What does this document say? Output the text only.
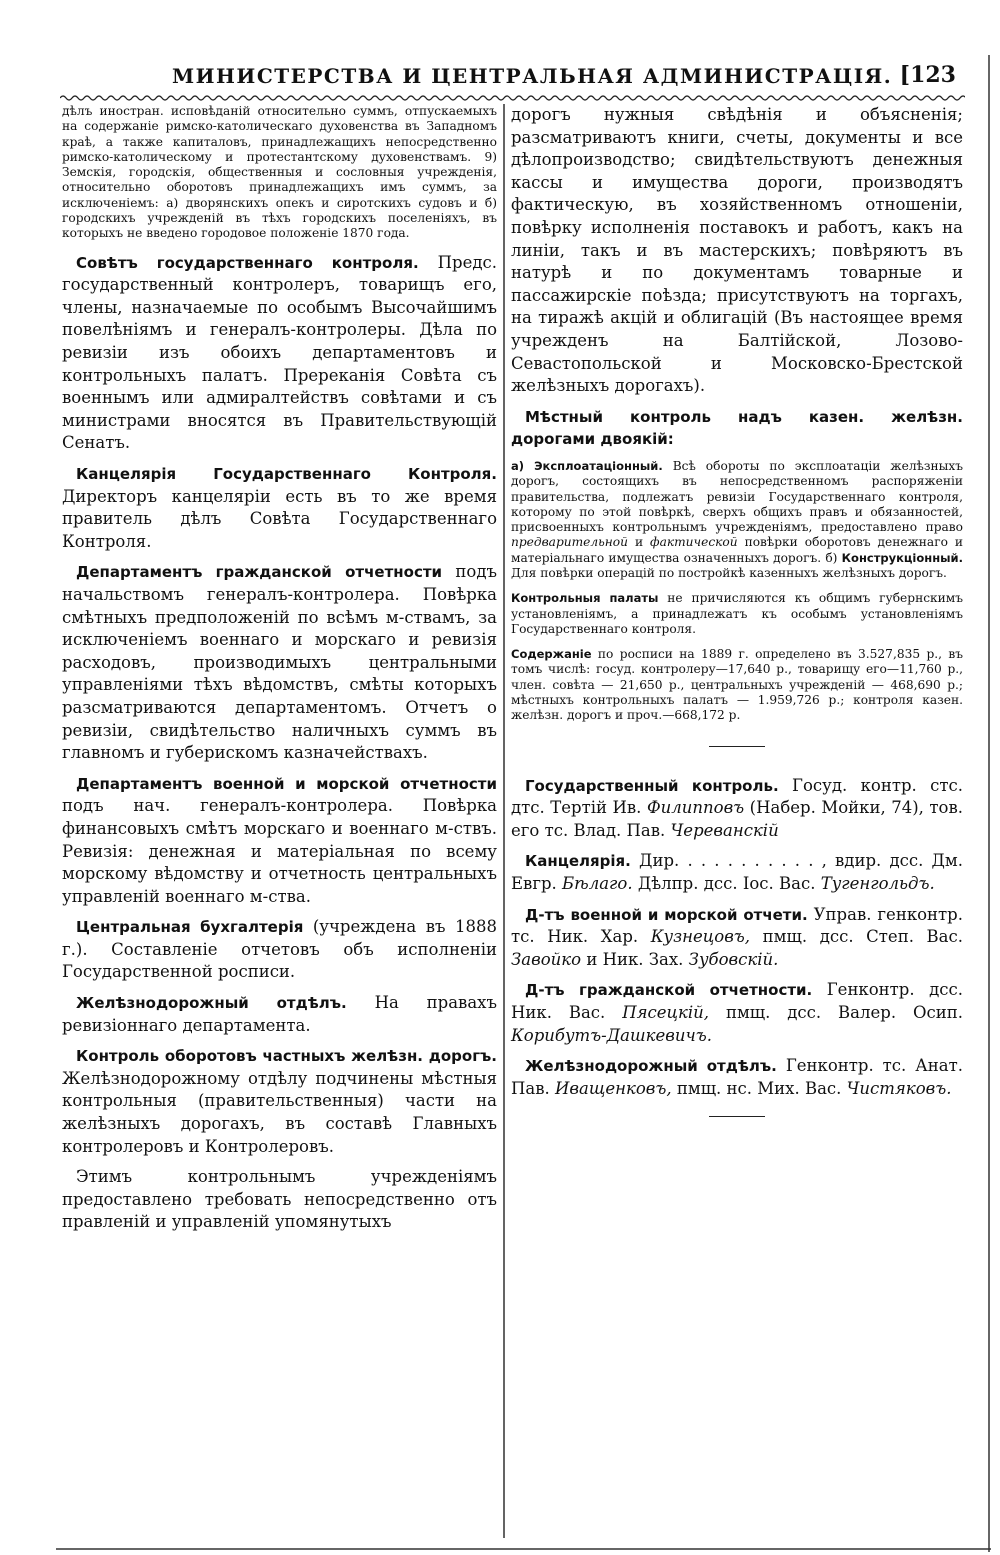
МИНИСТЕРСТВА И ЦЕНТРАЛЬНАЯ АДМИНИСТРАЦІЯ. [123

дѣлъ иностран. исповѣданій относительно суммъ, отпускаемыхъ на содержаніе римско-католическаго духовенства въ Западномъ краѣ, а также капиталовъ, принадлежащихъ непосредственно римско-католическому и протестантскому духовенствамъ. 9) Земскія, городскія, общественныя и сословныя учрежденія, относительно оборотовъ принадлежащихъ имъ суммъ, за исключеніемъ: а) дворянскихъ опекъ и сиротскихъ судовъ и б) городскихъ учрежденій въ тѣхъ городскихъ поселеніяхъ, въ которыхъ не введено городовое положеніе 1870 года.

Совѣтъ государственнаго контроля. Предс. государственный контролеръ, товарищъ его, члены, назначаемые по особымъ Высочайшимъ повелѣніямъ и генералъ-контролеры. Дѣла по ревизіи изъ обоихъ департаментовъ и контрольныхъ палатъ. Пререканія Совѣта съ военнымъ или адмиралтействъ совѣтами и съ министрами вносятся въ Правительствующій Сенатъ.

Канцелярія Государственнаго Контроля. Директоръ канцеляріи есть въ то же время правитель дѣлъ Совѣта Государственнаго Контроля.

Департаментъ гражданской отчетности подъ начальствомъ генералъ-контролера. Повѣрка смѣтныхъ предположеній по всѣмъ м-ствамъ, за исключеніемъ военнаго и морскаго и ревизія расходовъ, производимыхъ центральными управленіями тѣхъ вѣдомствъ, смѣты которыхъ разсматриваются департаментомъ. Отчетъ о ревизіи, свидѣтельство наличныхъ суммъ въ главномъ и губерискомъ казначействахъ.

Департаментъ военной и морской отчетности подъ нач. генералъ-контролера. Повѣрка финансовыхъ смѣтъ морскаго и военнаго м-ствъ. Ревизія: денежная и матеріальная по всему морскому вѣдомству и отчетность центральныхъ управленій военнаго м-ства.

Центральная бухгалтерія (учреждена въ 1888 г.). Составленіе отчетовъ объ исполненіи Государственной росписи.

Желѣзнодорожный отдѣлъ. На правахъ ревизіоннаго департамента.

Контроль оборотовъ частныхъ желѣзн. дорогъ. Желѣзнодорожному отдѣлу подчинены мѣстныя контрольныя (правительственныя) части на желѣзныхъ дорогахъ, въ составѣ Главныхъ контролеровъ и Контролеровъ.

Этимъ контрольнымъ учрежденіямъ предоставлено требовать непосредственно отъ правленій и управленій упомянутыхъ

дорогъ нужныя свѣдѣнія и объясненія; разсматриваютъ книги, счеты, документы и все дѣлопроизводство; свидѣтельствуютъ денежныя кассы и имущества дороги, производятъ фактическую, въ хозяйственномъ отношеніи, повѣрку исполненія поставокъ и работъ, какъ на линіи, такъ и въ мастерскихъ; повѣряютъ въ натурѣ и по документамъ товарные и пассажирскіе поѣзда; присутствуютъ на торгахъ, на тиражѣ акцій и облигацій (Въ настоящее время учрежденъ на Балтійской, Лозово-Севастопольской и Московско-Брестской желѣзныхъ дорогахъ).

Мѣстный контроль надъ казен. желѣзн. дорогами двоякій:

а) Эксплоатаціонный. Всѣ обороты по эксплоатаціи желѣзныхъ дорогъ, состоящихъ въ непосредственномъ распоряженіи правительства, подлежатъ ревизіи Государственнаго контроля, которому по этой повѣркѣ, сверхъ общихъ правъ и обязанностей, присвоенныхъ контрольнымъ учрежденіямъ, предоставлено право предварительной и фактической повѣрки оборотовъ денежнаго и матеріальнаго имущества означенныхъ дорогъ. б) Конструкціонный. Для повѣрки операцій по постройкѣ казенныхъ желѣзныхъ дорогъ.

Контрольныя палаты не причисляются къ общимъ губернскимъ установленіямъ, а принадлежатъ къ особымъ установленіямъ Государственнаго контроля.

Содержаніе по росписи на 1889 г. определено въ 3.527,835 р., въ томъ числѣ: госуд. контролеру—17,640 р., товарищу его—11,760 р., член. совѣта — 21,650 р., центральныхъ учрежденій — 468,690 р.; мѣстныхъ контрольныхъ палатъ — 1.959,726 р.; контроля казен. желѣзн. дорогъ и проч.—668,172 р.

Государственный контроль. Госуд. контр. стс. дтс. Тертій Ив. Филипповъ (Набер. Мойки, 74), тов. его тс. Влад. Пав. Череванскій

Канцелярія. Дир. . . . . . . . . . . , вдир. дсс. Дм. Евгр. Бѣлаго. Дѣлпр. дсс. Іос. Вас. Тугенгольдъ.

Д-тъ военной и морской отчети. Управ. генконтр. тс. Ник. Хар. Кузнецовъ, пмщ. дсс. Степ. Вас. Завойко и Ник. Зах. Зубовскій.

Д-тъ гражданской отчетности. Генконтр. дсс. Ник. Вас. Пясецкій, пмщ. дсс. Валер. Осип. Корибутъ-Дашкевичъ.

Желѣзнодорожный отдѣлъ. Генконтр. тс. Анат. Пав. Иващенковъ, пмщ. нс. Мих. Вас. Чистяковъ.
